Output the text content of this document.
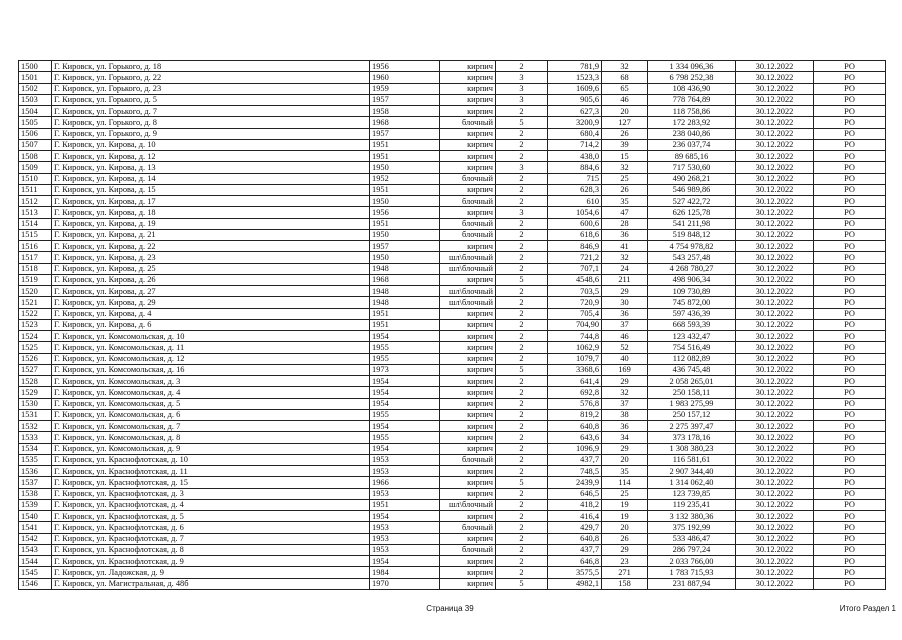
1500	Г. Кировск, ул. Горького, д. 18	1956	кирпич	2	781,9	32	1 334 096,36	30.12.2022	РО
1501	Г. Кировск, ул. Горького, д. 22	1960	кирпич	3	1523,3	68	6 798 252,38	30.12.2022	РО
1502	Г. Кировск, ул. Горького, д. 23	1959	кирпич	3	1609,6	65	108 436,90	30.12.2022	РО
1503	Г. Кировск, ул. Горького, д. 5	1957	кирпич	3	905,6	46	778 764,89	30.12.2022	РО
1504	Г. Кировск, ул. Горького, д. 7	1958	кирпич	2	627,3	20	118 758,86	30.12.2022	РО
1505	Г. Кировск, ул. Горького, д. 8	1968	блочный	5	3200,9	127	172 283,92	30.12.2022	РО
1506	Г. Кировск, ул. Горького, д. 9	1957	кирпич	2	680,4	26	238 040,86	30.12.2022	РО
1507	Г. Кировск, ул. Кирова, д. 10	1951	кирпич	2	714,2	39	236 037,74	30.12.2022	РО
1508	Г. Кировск, ул. Кирова, д. 12	1951	кирпич	2	438,0	15	89 685,16	30.12.2022	РО
1509	Г. Кировск, ул. Кирова, д. 13	1950	кирпич	3	884,6	32	717 530,60	30.12.2022	РО
1510	Г. Кировск, ул. Кирова, д. 14	1952	блочный	2	715	25	490 268,21	30.12.2022	РО
1511	Г. Кировск, ул. Кирова, д. 15	1951	кирпич	2	628,3	26	546 989,86	30.12.2022	РО
1512	Г. Кировск, ул. Кирова, д. 17	1950	блочный	2	610	35	527 422,72	30.12.2022	РО
1513	Г. Кировск, ул. Кирова, д. 18	1956	кирпич	3	1054,6	47	626 125,78	30.12.2022	РО
1514	Г. Кировск, ул. Кирова, д. 19	1951	блочный	2	600,6	28	541 211,98	30.12.2022	РО
1515	Г. Кировск, ул. Кирова, д. 21	1950	блочный	2	618,6	36	519 848,12	30.12.2022	РО
1516	Г. Кировск, ул. Кирова, д. 22	1957	кирпич	2	846,9	41	4 754 978,82	30.12.2022	РО
1517	Г. Кировск, ул. Кирова, д. 23	1950	шл\блочный	2	721,2	32	543 257,48	30.12.2022	РО
1518	Г. Кировск, ул. Кирова, д. 25	1948	шл\блочный	2	707,1	24	4 268 780,27	30.12.2022	РО
1519	Г. Кировск, ул. Кирова, д. 26	1968	кирпич	5	4548,6	211	498 906,34	30.12.2022	РО
1520	Г. Кировск, ул. Кирова, д. 27	1948	шл\блочный	2	703,5	29	109 730,89	30.12.2022	РО
1521	Г. Кировск, ул. Кирова, д. 29	1948	шл\блочный	2	720,9	30	745 872,00	30.12.2022	РО
1522	Г. Кировск, ул. Кирова, д. 4	1951	кирпич	2	705,4	36	597 436,39	30.12.2022	РО
1523	Г. Кировск, ул. Кирова, д. 6	1951	кирпич	2	704,90	37	668 593,39	30.12.2022	РО
1524	Г. Кировск, ул. Комсомольская, д. 10	1954	кирпич	2	744,8	46	123 432,47	30.12.2022	РО
1525	Г. Кировск, ул. Комсомольская, д. 11	1955	кирпич	2	1062,9	52	754 516,49	30.12.2022	РО
1526	Г. Кировск, ул. Комсомольская, д. 12	1955	кирпич	2	1079,7	40	112 082,89	30.12.2022	РО
1527	Г. Кировск, ул. Комсомольская, д. 16	1973	кирпич	5	3368,6	169	436 745,48	30.12.2022	РО
1528	Г. Кировск, ул. Комсомольская, д. 3	1954	кирпич	2	641,4	29	2 058 265,01	30.12.2022	РО
1529	Г. Кировск, ул. Комсомольская, д. 4	1954	кирпич	2	692,8	32	250 158,11	30.12.2022	РО
1530	Г. Кировск, ул. Комсомольская, д. 5	1954	кирпич	2	576,8	37	1 983 275,99	30.12.2022	РО
1531	Г. Кировск, ул. Комсомольская, д. 6	1955	кирпич	2	819,2	38	250 157,12	30.12.2022	РО
1532	Г. Кировск, ул. Комсомольская, д. 7	1954	кирпич	2	640,8	36	2 275 397,47	30.12.2022	РО
1533	Г. Кировск, ул. Комсомольская, д. 8	1955	кирпич	2	643,6	34	373 178,16	30.12.2022	РО
1534	Г. Кировск, ул. Комсомольская, д. 9	1954	кирпич	2	1096,9	29	1 308 380,23	30.12.2022	РО
1535	Г. Кировск, ул. Краснофлотская, д. 10	1953	блочный	2	437,7	20	116 581,61	30.12.2022	РО
1536	Г. Кировск, ул. Краснофлотская, д. 11	1953	кирпич	2	748,5	35	2 907 344,40	30.12.2022	РО
1537	Г. Кировск, ул. Краснофлотская, д. 15	1966	кирпич	5	2439,9	114	1 314 062,40	30.12.2022	РО
1538	Г. Кировск, ул. Краснофлотская, д. 3	1953	кирпич	2	646,5	25	123 739,85	30.12.2022	РО
1539	Г. Кировск, ул. Краснофлотская, д. 4	1951	шл\блочный	2	418,2	19	119 235,41	30.12.2022	РО
1540	Г. Кировск, ул. Краснофлотская, д. 5	1954	кирпич	2	416,4	19	3 132 380,36	30.12.2022	РО
1541	Г. Кировск, ул. Краснофлотская, д. 6	1953	блочный	2	429,7	20	375 192,99	30.12.2022	РО
1542	Г. Кировск, ул. Краснофлотская, д. 7	1953	кирпич	2	640,8	26	533 486,47	30.12.2022	РО
1543	Г. Кировск, ул. Краснофлотская, д. 8	1953	блочный	2	437,7	29	286 797,24	30.12.2022	РО
1544	Г. Кировск, ул. Краснофлотская, д. 9	1954	кирпич	2	646,8	23	2 033 766,00	30.12.2022	РО
1545	Г. Кировск, ул. Ладожская, д. 9	1984	кирпич	2	3575,5	271	1 783 715,93	30.12.2022	РО
1546	Г. Кировск, ул. Магистральная, д. 48б	1970	кирпич	5	4982,1	158	231 887,94	30.12.2022	РО
Страница 39	Итого Раздел 1
